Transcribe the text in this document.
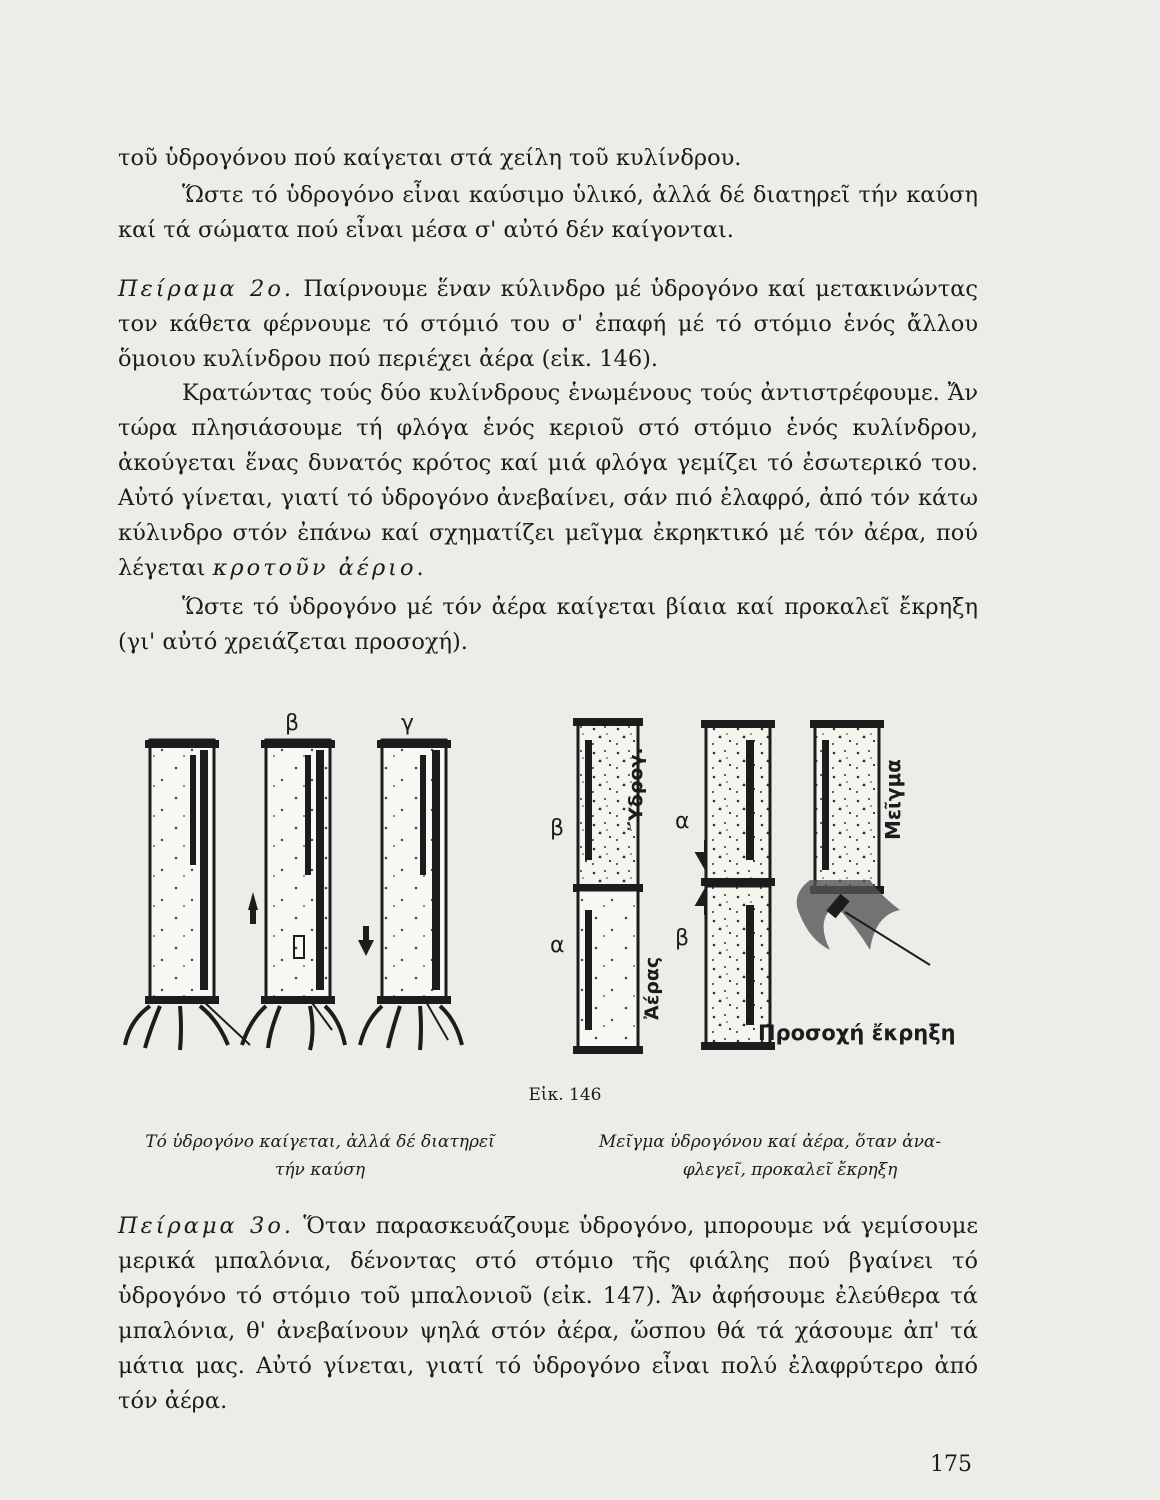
τοῦ ὑδρογόνου πού καίγεται στά χείλη τοῦ κυλίνδρου.

Ὥστε τό ὑδρογόνο εἶναι καύσιμο ὑλικό, ἀλλά δέ διατηρεῖ τήν καύση καί τά σώματα πού εἶναι μέσα σ' αὐτό δέν καίγονται.

Πείραμα 2ο. Παίρνουμε ἕναν κύλινδρο μέ ὑδρογόνο καί μετακινώντας τον κάθετα φέρνουμε τό στόμιό του σ' ἐπαφή μέ τό στόμιο ἑνός ἄλλου ὅμοιου κυλίνδρου πού περιέχει ἀέρα (εἰκ. 146).

Κρατώντας τούς δύο κυλίνδρους ἑνωμένους τούς ἀντιστρέφουμε. Ἄν τώρα πλησιάσουμε τή φλόγα ἑνός κεριοῦ στό στόμιο ἑνός κυλίνδρου, ἀκούγεται ἕνας δυνατός κρότος καί μιά φλόγα γεμίζει τό ἐσωτερικό του. Αὐτό γίνεται, γιατί τό ὑδρογόνο ἀνεβαίνει, σάν πιό ἐλαφρό, ἀπό τόν κάτω κύλινδρο στόν ἐπάνω καί σχηματίζει μεῖγμα ἐκρηκτικό μέ τόν ἀέρα, πού λέγεται κροτοῦν ἀέριο.

Ὥστε τό ὑδρογόνο μέ τόν ἀέρα καίγεται βίαια καί προκαλεῖ ἔκρηξη (γι' αὐτό χρειάζεται προσοχή).

β	γ
β
α
Ὕδρογ.
Ἀέρας
α
β
Μεῖγμα
Προσοχή ἔκρηξη
Εἰκ. 146
Τό ὑδρογόνο καίγεται, ἀλλά δέ διατηρεῖ
τήν καύση
Μεῖγμα ὑδρογόνου καί ἀέρα, ὅταν ἀνα-
φλεγεῖ, προκαλεῖ ἔκρηξη

Πείραμα 3ο. Ὅταν παρασκευάζουμε ὑδρογόνο, μπορουμε νά γεμίσουμε μερικά μπαλόνια, δένοντας στό στόμιο τῆς φιάλης πού βγαίνει τό ὑδρογόνο τό στόμιο τοῦ μπαλονιοῦ (εἰκ. 147). Ἄν ἀφήσουμε ἐλεύθερα τά μπαλόνια, θ' ἀνεβαίνουν ψηλά στόν ἀέρα, ὥσπου θά τά χάσουμε ἀπ' τά μάτια μας. Αὐτό γίνεται, γιατί τό ὑδρογόνο εἶναι πολύ ἐλαφρύτερο ἀπό τόν ἀέρα.

175
